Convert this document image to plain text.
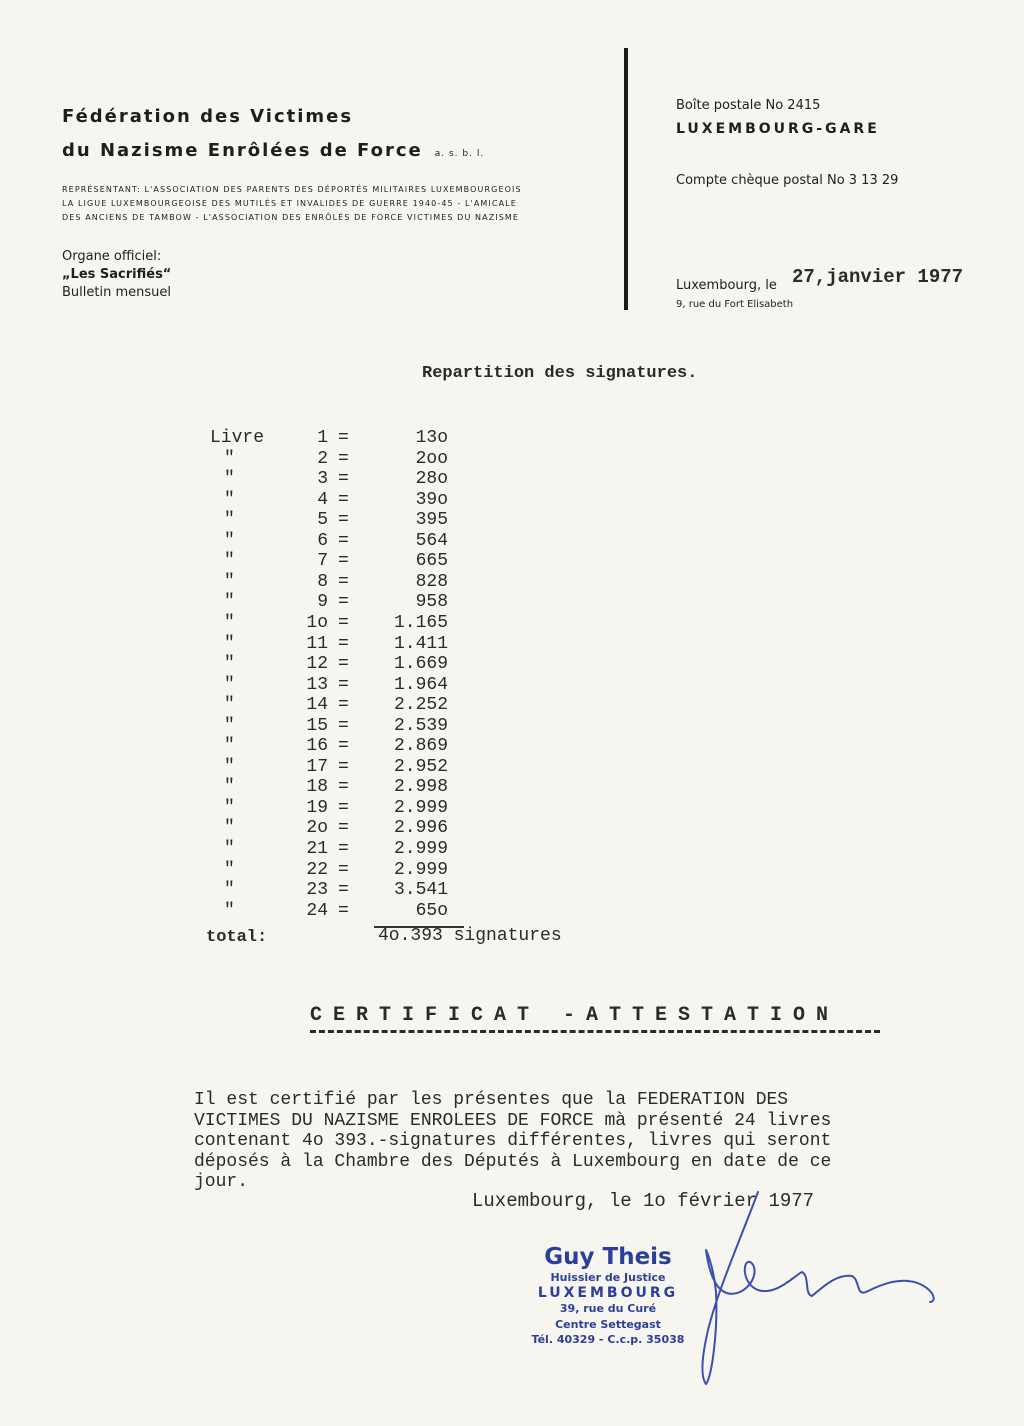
Fédération des Victimes
du Nazisme Enrôlées de Force a. s. b. l.
REPRÉSENTANT: L'ASSOCIATION DES PARENTS DES DÉPORTÉS MILITAIRES LUXEMBOURGEOIS
LA LIGUE LUXEMBOURGEOISE DES MUTILÉS ET INVALIDES DE GUERRE 1940-45 - L'AMICALE
DES ANCIENS DE TAMBOW - L'ASSOCIATION DES ENRÔLÉS DE FORCE VICTIMES DU NAZISME
Organe officiel:
„Les Sacrifiés“
Bulletin mensuel
Boîte postale No 2415
LUXEMBOURG-GARE
Compte chèque postal No 3 13 29
Luxembourg, le 27,janvier 1977
9, rue du Fort Elisabeth
Repartition des signatures.
Livre	1 =	13o
"	2 =	2oo
"	3 =	28o
"	4 =	39o
"	5 =	395
"	6 =	564
"	7 =	665
"	8 =	828
"	9 =	958
"	1o =	1.165
"	11 =	1.411
"	12 =	1.669
"	13 =	1.964
"	14 =	2.252
"	15 =	2.539
"	16 =	2.869
"	17 =	2.952
"	18 =	2.998
"	19 =	2.999
"	2o =	2.996
"	21 =	2.999
"	22 =	2.999
"	23 =	3.541
"	24 =	65o
total:	4o.393 signatures
CERTIFICAT -ATTESTATION
Il est certifié par les présentes que la FEDERATION DES
VICTIMES DU NAZISME ENROLEES DE FORCE mà présenté 24 livres
contenant 4o 393.-signatures différentes, livres qui seront
déposés à la Chambre des Députés à Luxembourg en date de ce
jour.
Luxembourg, le 1o février 1977
Guy Theis
Huissier de Justice
LUXEMBOURG
39, rue du Curé
Centre Settegast
Tél. 40329 - C.c.p. 35038
